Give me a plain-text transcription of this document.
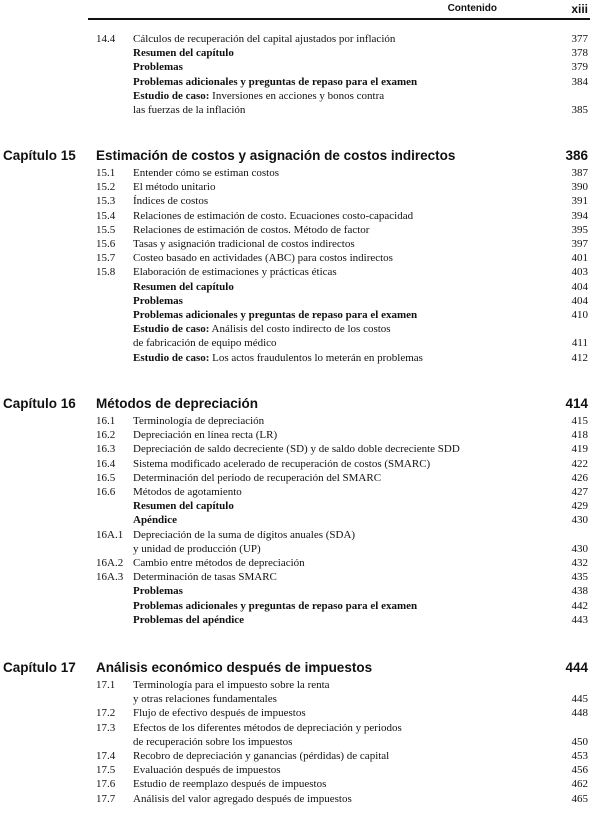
Contenido	xiii
14.4 Cálculos de recuperación del capital ajustados por inflación	377
Resumen del capítulo	378
Problemas	379
Problemas adicionales y preguntas de repaso para el examen	384
Estudio de caso: Inversiones en acciones y bonos contra
las fuerzas de la inflación	385
Capítulo 15 Estimación de costos y asignación de costos indirectos	386
15.1 Entender cómo se estiman costos	387
15.2 El método unitario	390
15.3 Índices de costos	391
15.4 Relaciones de estimación de costo. Ecuaciones costo-capacidad	394
15.5 Relaciones de estimación de costos. Método de factor	395
15.6 Tasas y asignación tradicional de costos indirectos	397
15.7 Costeo basado en actividades (ABC) para costos indirectos	401
15.8 Elaboración de estimaciones y prácticas éticas	403
Resumen del capítulo	404
Problemas	404
Problemas adicionales y preguntas de repaso para el examen	410
Estudio de caso: Análisis del costo indirecto de los costos
de fabricación de equipo médico	411
Estudio de caso: Los actos fraudulentos lo meterán en problemas	412
Capítulo 16 Métodos de depreciación	414
16.1 Terminología de depreciación	415
16.2 Depreciación en línea recta (LR)	418
16.3 Depreciación de saldo decreciente (SD) y de saldo doble decreciente SDD	419
16.4 Sistema modificado acelerado de recuperación de costos (SMARC)	422
16.5 Determinación del periodo de recuperación del SMARC	426
16.6 Métodos de agotamiento	427
Resumen del capítulo	429
Apéndice	430
16A.1 Depreciación de la suma de dígitos anuales (SDA)
y unidad de producción (UP)	430
16A.2 Cambio entre métodos de depreciación	432
16A.3 Determinación de tasas SMARC	435
Problemas	438
Problemas adicionales y preguntas de repaso para el examen	442
Problemas del apéndice	443
Capítulo 17 Análisis económico después de impuestos	444
17.1 Terminología para el impuesto sobre la renta
y otras relaciones fundamentales	445
17.2 Flujo de efectivo después de impuestos	448
17.3 Efectos de los diferentes métodos de depreciación y periodos
de recuperación sobre los impuestos	450
17.4 Recobro de depreciación y ganancias (pérdidas) de capital	453
17.5 Evaluación después de impuestos	456
17.6 Estudio de reemplazo después de impuestos	462
17.7 Análisis del valor agregado después de impuestos	465
